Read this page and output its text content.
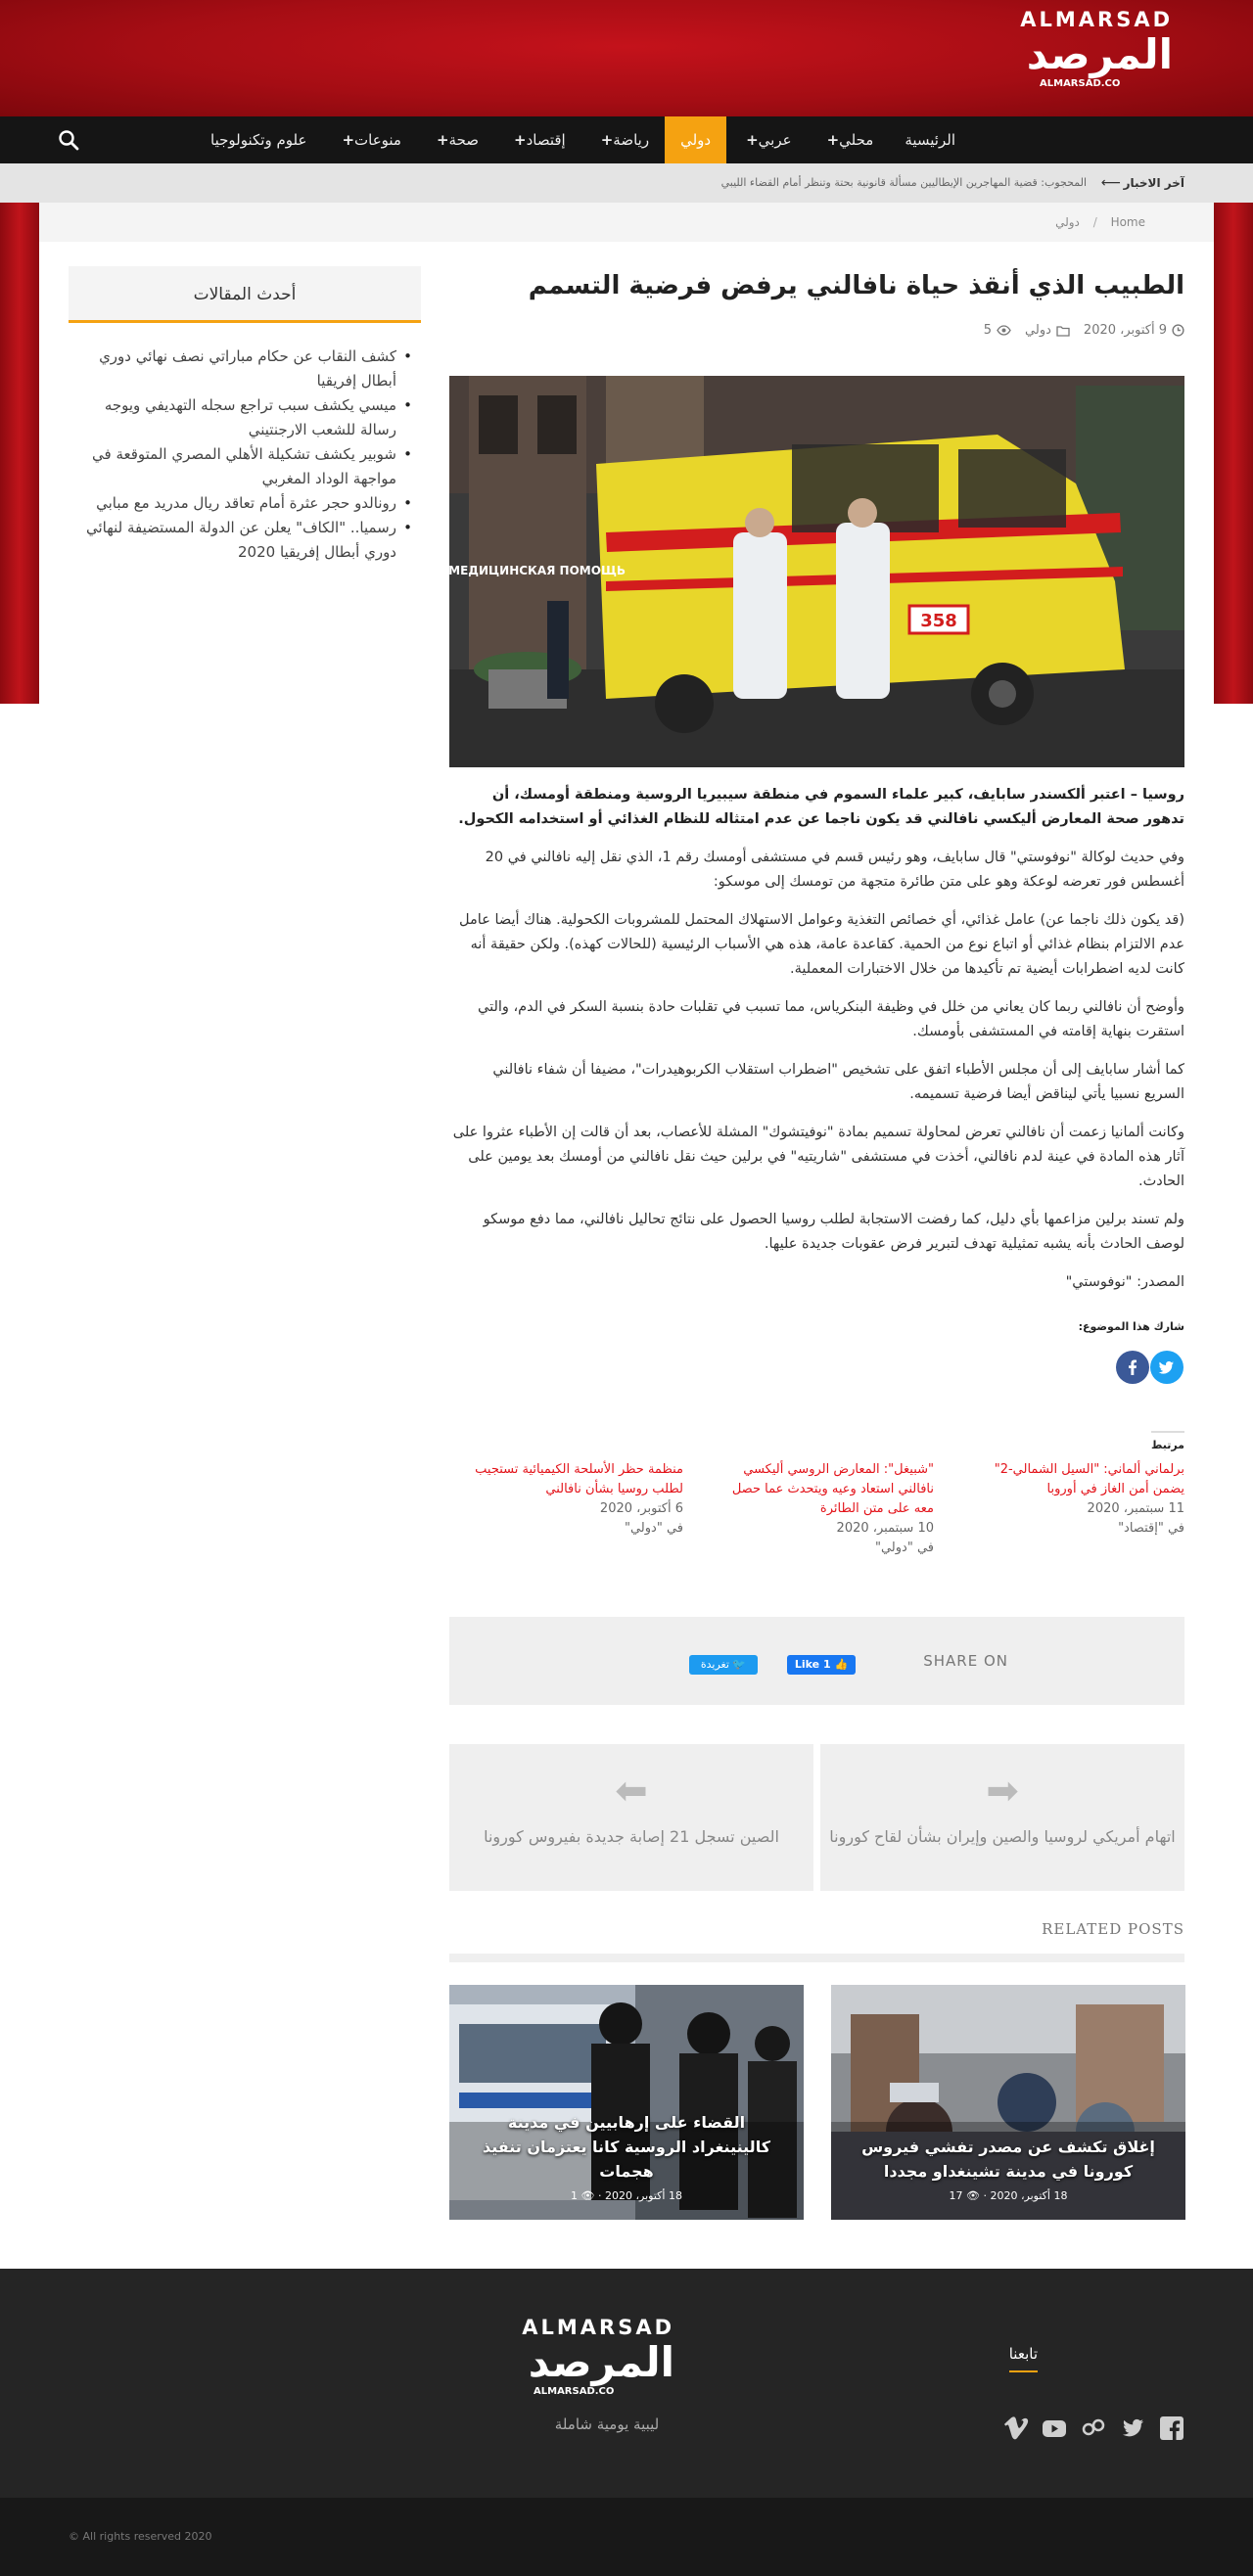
ALMARSAD
المرصد
ALMARSAD.CO
الرئيسية
محلي+
عربي+
دولي
رياضة+
إقتصاد+
صحة+
منوعات+
علوم وتكنولوجيا
آخر الاخبار
⟵
المحجوب: قضية المهاجرين الإيطاليين مسألة قانونية بحتة وتنظر أمام القضاء الليبي
Home / دولي
الطبيب الذي أنقذ حياة نافالني يرفض فرضية التسمم
9 أكتوبر، 2020
دولي
5
358
СКОРАЯ МЕДИЦИНСКАЯ ПОМОЩЬ

روسيا – اعتبر ألكسندر سابايف، كبير علماء السموم في منطقة سيبيريا الروسية ومنطقة أومسك، أن تدهور صحة المعارض أليكسي نافالني قد يكون ناجما عن عدم امتثاله للنظام الغذائي أو استخدامه الكحول.

وفي حديث لوكالة "نوفوستي" قال سابايف، وهو رئيس قسم في مستشفى أومسك رقم 1، الذي نقل إليه نافالني في 20 أغسطس فور تعرضه لوعكة وهو على متن طائرة متجهة من تومسك إلى موسكو:

(قد يكون ذلك ناجما عن) عامل غذائي، أي خصائص التغذية وعوامل الاستهلاك المحتمل للمشروبات الكحولية. هناك أيضا عامل عدم الالتزام بنظام غذائي أو اتباع نوع من الحمية. كقاعدة عامة، هذه هي الأسباب الرئيسية (للحالات كهذه). ولكن حقيقة أنه كانت لديه اضطرابات أيضية تم تأكيدها من خلال الاختبارات المعملية.

وأوضح أن نافالني ربما كان يعاني من خلل في وظيفة البنكرياس، مما تسبب في تقلبات حادة بنسبة السكر في الدم، والتي استقرت بنهاية إقامته في المستشفى بأومسك.

كما أشار سابايف إلى أن مجلس الأطباء اتفق على تشخيص "اضطراب استقلاب الكربوهيدرات"، مضيفا أن شفاء نافالني السريع نسبيا يأتي ليناقض أيضا فرضية تسميمه.

وكانت ألمانيا زعمت أن نافالني تعرض لمحاولة تسميم بمادة "نوفيتشوك" المشلة للأعصاب، بعد أن قالت إن الأطباء عثروا على آثار هذه المادة في عينة لدم نافالني، أخذت في مستشفى "شاريتيه" في برلين حيث نقل نافالني من أومسك بعد يومين على الحادث.

ولم تسند برلين مزاعمها بأي دليل، كما رفضت الاستجابة لطلب روسيا الحصول على نتائج تحاليل نافالني، مما دفع موسكو لوصف الحادث بأنه يشبه تمثيلية تهدف لتبرير فرض عقوبات جديدة عليها.

المصدر: "نوفوستي"

شارك هذا الموضوع:
مرتبط
برلماني ألماني: "السيل الشمالي-2" يضمن أمن الغاز في أوروبا
11 سبتمبر، 2020
في "إقتصاد"
"شبيغل": المعارض الروسي أليكسي نافالني استعاد وعيه ويتحدث عما حصل معه على متن الطائرة
10 سبتمبر، 2020
في "دولي"
منظمة حظر الأسلحة الكيميائية تستجيب لطلب روسيا بشأن نافالني
6 أكتوبر، 2020
في "دولي"
SHARE ON
👍 Like 1
🐦 تغريدة
➡
اتهام أمريكي لروسيا والصين وإيران بشأن لقاح كورونا
⬅
الصين تسجل 21 إصابة جديدة بفيروس كورونا
RELATED POSTS
إغلاق تكشف عن مصدر تفشي فيروس كورونا في مدينة تشينغداو مجددا
18 أكتوبر، 2020 · 👁 17
القضاء على إرهابيين في مدينة كالينينغراد الروسية كانا يعتزمان تنفيذ هجمات
18 أكتوبر، 2020 · 👁 1
أحدث المقالات
• كشف النقاب عن حكام مباراتي نصف نهائي دوري أبطال إفريقيا
• ميسي يكشف سبب تراجع سجله التهديفي ويوجه رسالة للشعب الارجنتيني
• شوبير يكشف تشكيلة الأهلي المصري المتوقعة في مواجهة الوداد المغربي
• رونالدو حجر عثرة أمام تعاقد ريال مدريد مع مبابي
• رسميا.. "الكاف" يعلن عن الدولة المستضيفة لنهائي دوري أبطال إفريقيا 2020
ALMARSAD
المرصد
ALMARSAD.CO
ليبية يومية شاملة
تابعنا
All rights reserved 2020 ©
